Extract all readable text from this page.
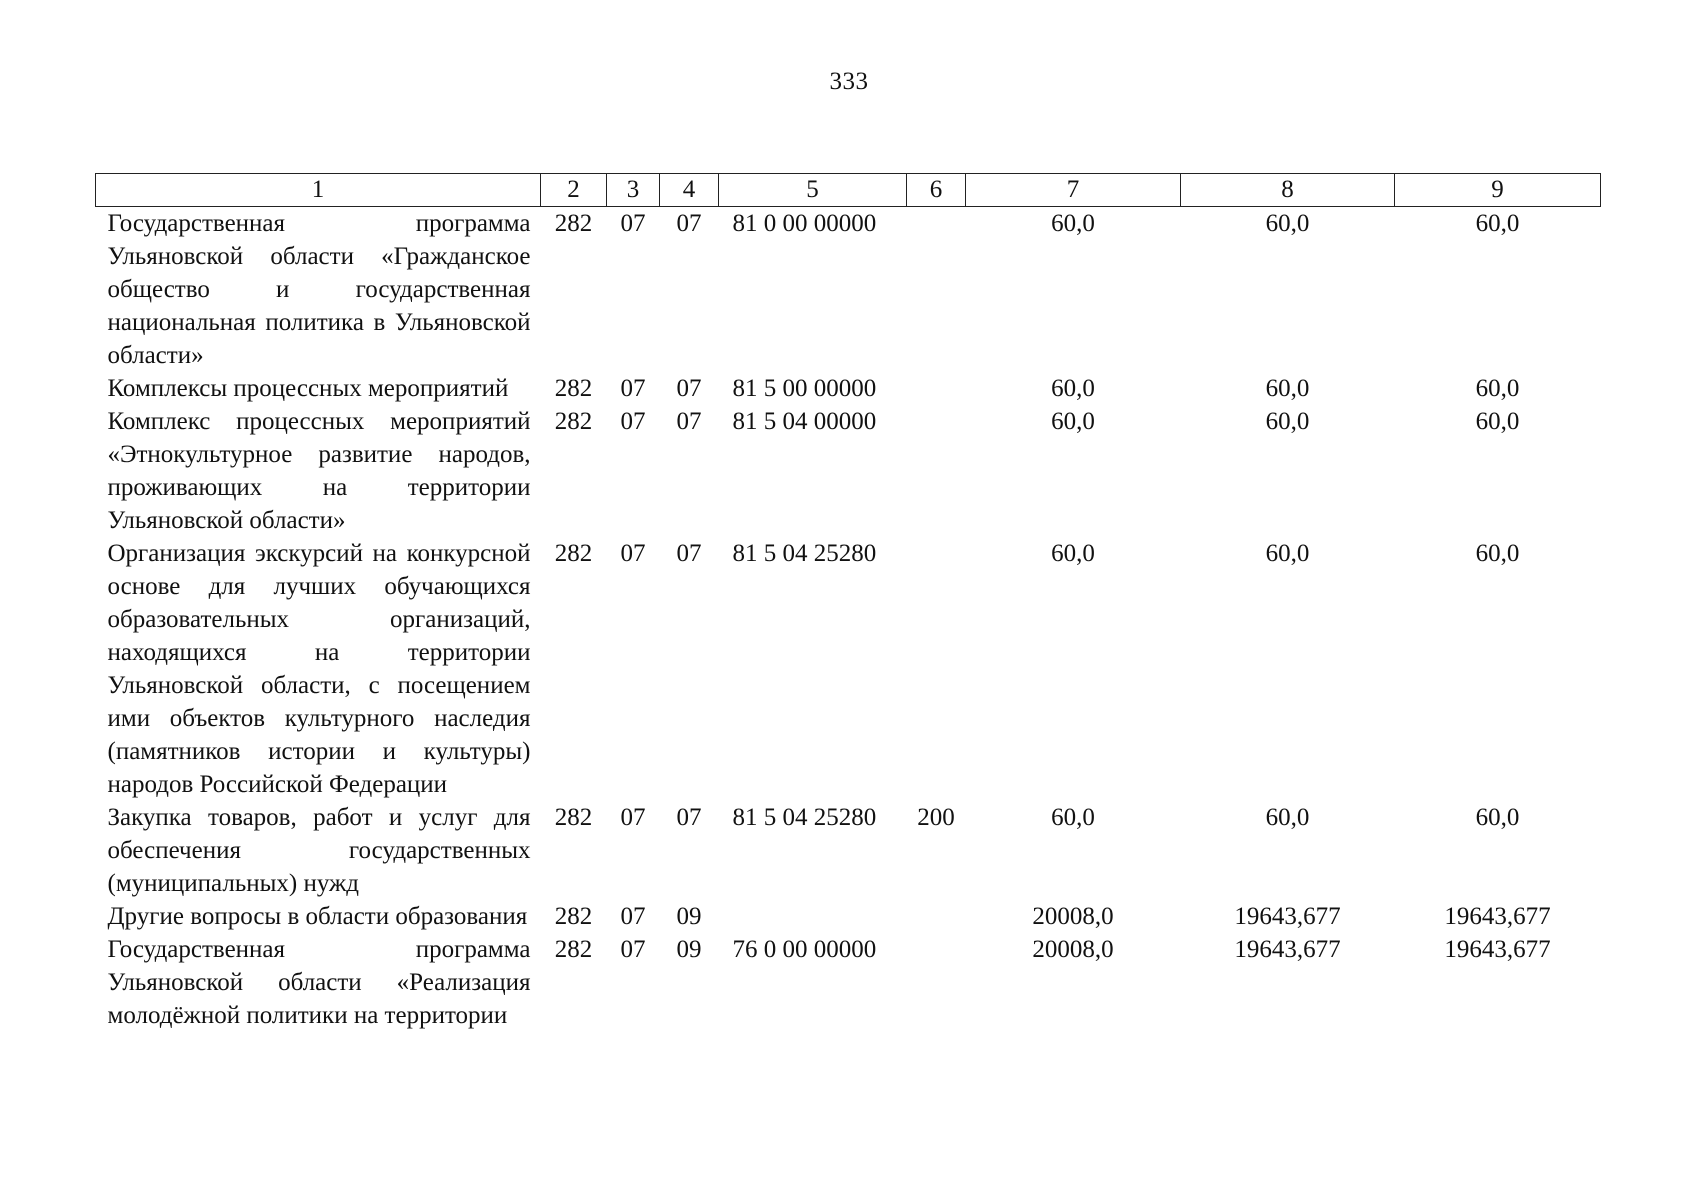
333
1	2	3	4	5	6	7	8	9
Государственная программа Ульяновской области «Гражданское общество и государственная национальная политика в Ульяновской области»	282	07	07	81 0 00 00000		60,0	60,0	60,0
Комплексы процессных мероприятий	282	07	07	81 5 00 00000		60,0	60,0	60,0
Комплекс процессных мероприятий «Этнокультурное развитие народов, проживающих на территории Ульяновской области»	282	07	07	81 5 04 00000		60,0	60,0	60,0
Организация экскурсий на конкурсной основе для лучших обучающихся образовательных организаций, находящихся на территории Ульяновской области, с посещением ими объектов культурного наследия (памятников истории и культуры) народов Российской Федерации	282	07	07	81 5 04 25280		60,0	60,0	60,0
Закупка товаров, работ и услуг для обеспечения государственных (муниципальных) нужд	282	07	07	81 5 04 25280	200	60,0	60,0	60,0
Другие вопросы в области образования	282	07	09			20008,0	19643,677	19643,677
Государственная программа Ульяновской области «Реализация молодёжной политики на территории	282	07	09	76 0 00 00000		20008,0	19643,677	19643,677
